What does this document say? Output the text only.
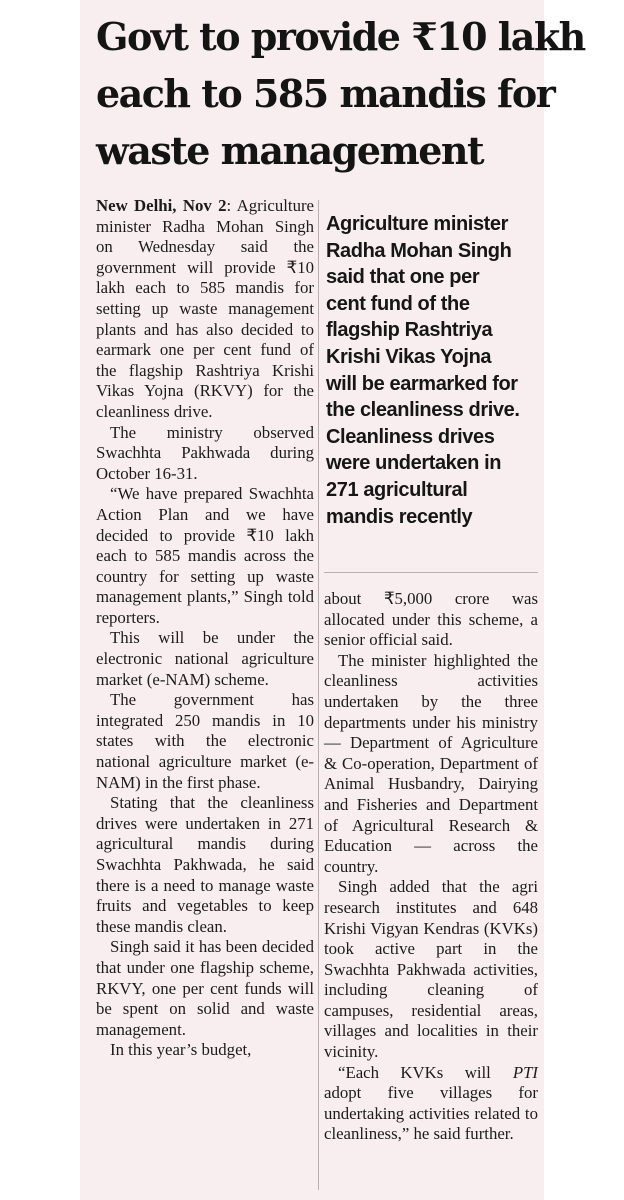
Govt to provide ₹10 lakh
each to 585 mandis for
waste management

New Delhi, Nov 2: Agriculture minister Radha Mohan Singh on Wednesday said the government will provide ₹10 lakh each to 585 mandis for setting up waste management plants and has also decided to earmark one per cent fund of the flagship Rashtriya Krishi Vikas Yojna (RKVY) for the cleanliness drive.

The ministry observed Swachhta Pakhwada during October 16-31.

“We have prepared Swachhta Action Plan and we have decided to provide ₹10 lakh each to 585 mandis across the country for setting up waste management plants,” Singh told reporters.

This will be under the electronic national agriculture market (e-NAM) scheme.

The government has integrated 250 mandis in 10 states with the electronic national agriculture market (e-NAM) in the first phase.

Stating that the cleanliness drives were undertaken in 271 agricultural mandis during Swachhta Pakhwada, he said there is a need to manage waste fruits and vegetables to keep these mandis clean.

Singh said it has been decided that under one flagship scheme, RKVY, one per cent funds will be spent on solid and waste management.

In this year’s budget,

Agriculture minister
Radha Mohan Singh
said that one per
cent fund of the
flagship Rashtriya
Krishi Vikas Yojna
will be earmarked for
the cleanliness drive.
Cleanliness drives
were undertaken in
271 agricultural
mandis recently

about ₹5,000 crore was allocated under this scheme, a senior official said.

The minister highlighted the cleanliness activities undertaken by the three departments under his ministry — Department of Agriculture & Co-operation, Department of Animal Husbandry, Dairying and Fisheries and Department of Agricultural Research & Education — across the country.

Singh added that the agri research institutes and 648 Krishi Vigyan Kendras (KVKs) took active part in the Swachhta Pakhwada activities, including cleaning of campuses, residential areas, villages and localities in their vicinity.

PTI
“Each KVKs will adopt five villages for undertaking activities related to cleanliness,” he said further.
